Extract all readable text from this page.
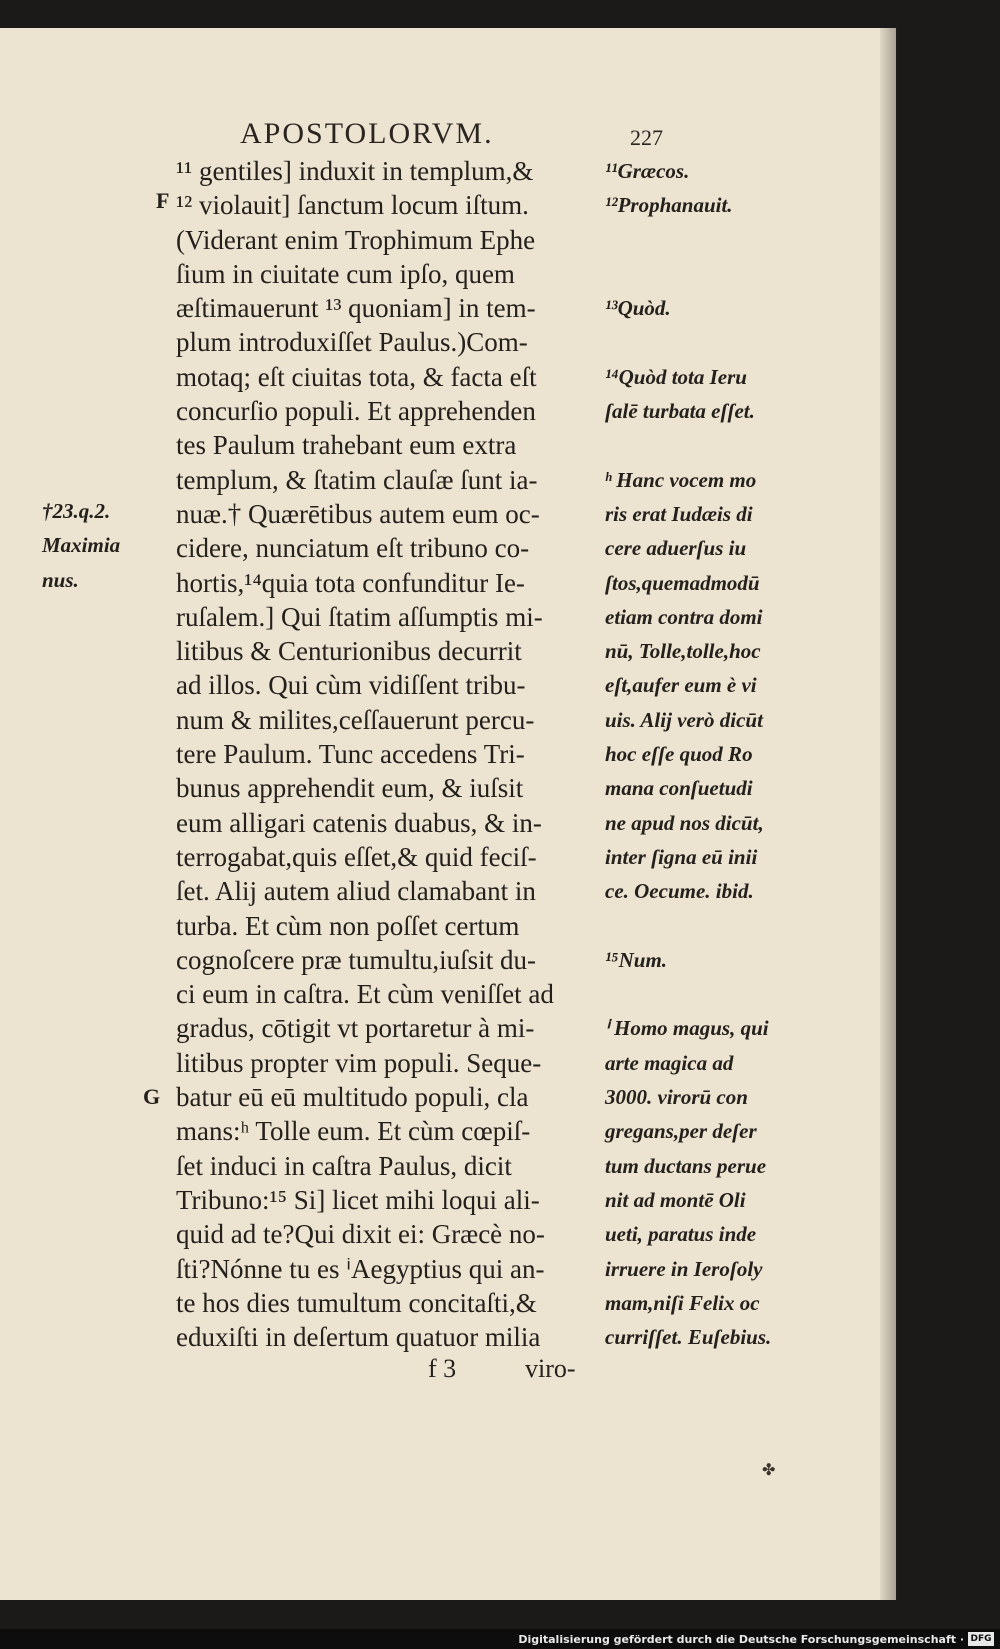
APOSTOLORVM.	227
F
G
†23.q.2.
Maximia
nus.
¹¹ gentiles] induxit in templum,&
¹² violauit] ſanctum locum iſtum.
(Viderant enim Trophimum Ephe
ſium in ciuitate cum ipſo, quem
æſtimauerunt ¹³ quoniam] in tem-
plum introduxiſſet Paulus.)Com-
motaq; eſt ciuitas tota, & facta eſt
concurſio populi. Et apprehenden
tes Paulum trahebant eum extra
templum, & ſtatim clauſæ ſunt ia-
nuæ.† Quærētibus autem eum oc-
cidere, nunciatum eſt tribuno co-
hortis,¹⁴quia tota confunditur Ie-
ruſalem.] Qui ſtatim aſſumptis mi-
litibus & Centurionibus decurrit
ad illos. Qui cùm vidiſſent tribu-
num & milites,ceſſauerunt percu-
tere Paulum. Tunc accedens Tri-
bunus apprehendit eum, & iuſsit
eum alligari catenis duabus, & in-
terrogabat,quis eſſet,& quid feciſ-
ſet. Alij autem aliud clamabant in
turba. Et cùm non poſſet certum
cognoſcere præ tumultu,iuſsit du-
ci eum in caſtra. Et cùm veniſſet ad
gradus, cōtigit vt portaretur à mi-
litibus propter vim populi. Seque-
batur eū eū multitudo populi, cla
mans:ʰ Tolle eum. Et cùm cœpiſ-
ſet induci in caſtra Paulus, dicit
Tribuno:¹⁵ Si] licet mihi loqui ali-
quid ad te?Qui dixit ei: Græcè no-
ſti?Nónne tu es ⁱAegyptius qui an-
te hos dies tumultum concitaſti,&
eduxiſti in deſertum quatuor milia
¹¹Græcos.
¹²Prophanauit.
¹³Quòd.
¹⁴Quòd tota Ieru
ſalē turbata eſſet.
ʰ Hanc vocem mo
ris erat Iudæis di
cere aduerſus iu
ſtos,quemadmodū
etiam contra domi
nū, Tolle,tolle,hoc
eſt,aufer eum è vi
uis. Alij verò dicūt
hoc eſſe quod Ro
mana conſuetudi
ne apud nos dicūt,
inter ſigna eū inii
ce. Oecume. ibid.
¹⁵Num.
ⁱ Homo magus, qui
arte magica ad
3000. virorū con
gregans,per deſer
tum ductans perue
nit ad montē Oli
ueti, paratus inde
irruere in Ieroſoly
mam,niſi Felix oc
curriſſet. Euſebius.
f 3	viro-
✤
Digitalisierung gefördert durch die Deutsche Forschungsgemeinschaft · DFG
